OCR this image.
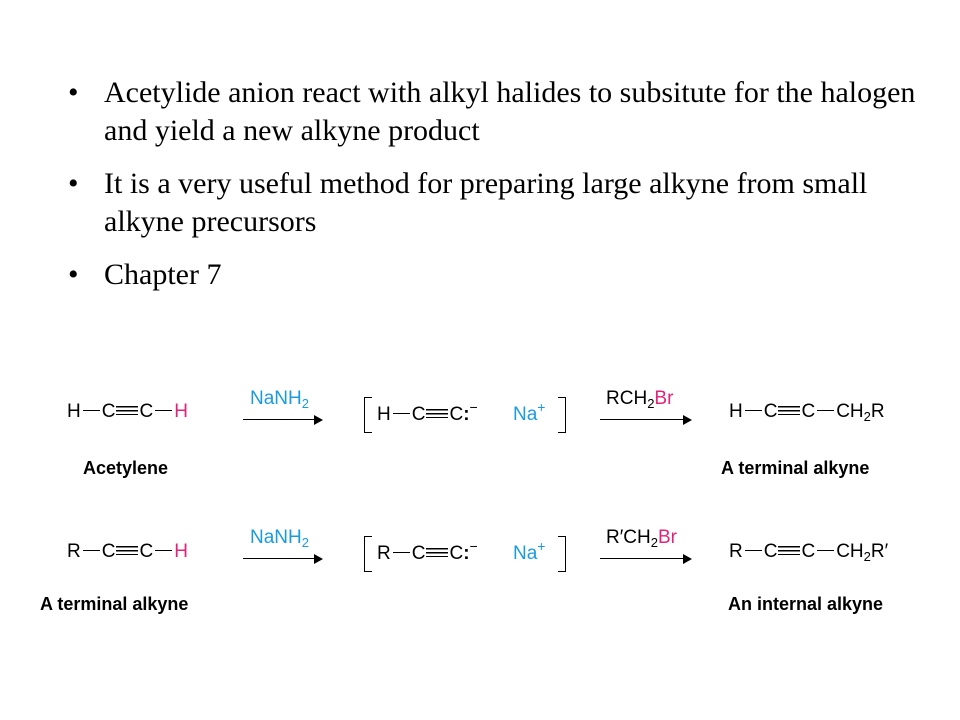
• Acetylide anion react with alkyl halides to subsitute for the halogen and yield a new alkyne product
• It is a very useful method for preparing large alkyne from small alkyne precursors
• Chapter 7
H C C H
Acetylene
NaNH$_2$
H C C:− Na+	$RCH_2Br$
H C C $CH_2R$
A terminal alkyne
R C C H
A terminal alkyne
NaNH$_2$
R C C:− Na+	$R'CH_2Br$
R C C $CH_2R'$
An internal alkyne
